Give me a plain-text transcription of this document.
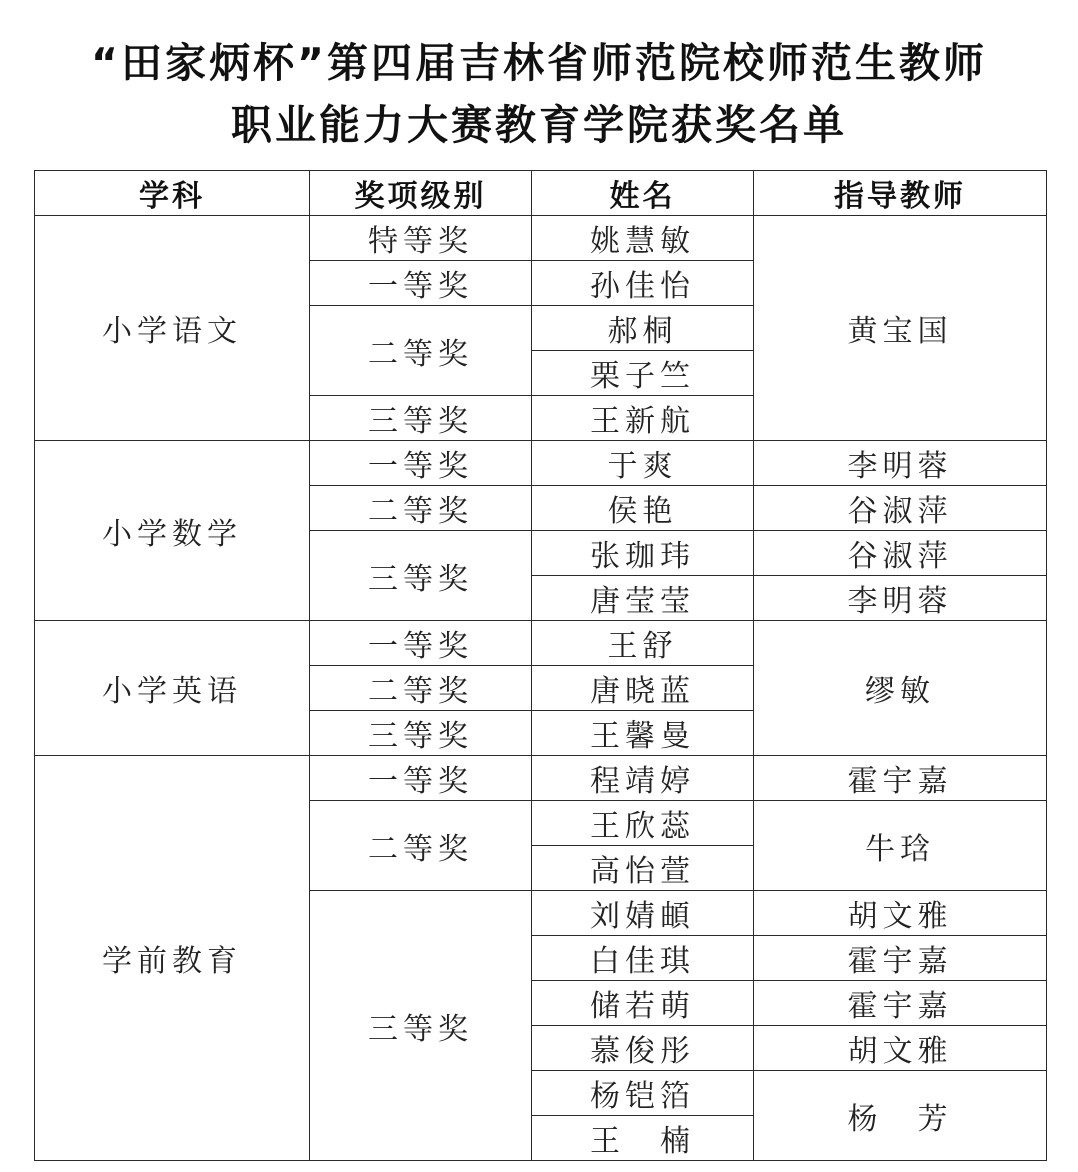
“田家炳杯”第四届吉林省师范院校师范生教师
职业能力大赛教育学院获奖名单
学科	奖项级别	姓名	指导教师
小学语文	特等奖	姚慧敏	黄宝国
	一等奖	孙佳怡	
	二等奖	郝桐	
		栗子竺	
	三等奖	王新航	
小学数学	一等奖	于爽	李明蓉
	二等奖	侯艳	谷淑萍
	三等奖	张珈玮	谷淑萍
		唐莹莹	李明蓉
小学英语	一等奖	王舒	缪敏
	二等奖	唐晓蓝	
	三等奖	王馨曼	
学前教育	一等奖	程靖婷	霍宇嘉
	二等奖	王欣蕊	牛琀
		高怡萱	
	三等奖	刘婧頔	胡文雅
		白佳琪	霍宇嘉
		储若萌	霍宇嘉
		慕俊彤	胡文雅
		杨铠箔	杨　芳
		王　楠	
